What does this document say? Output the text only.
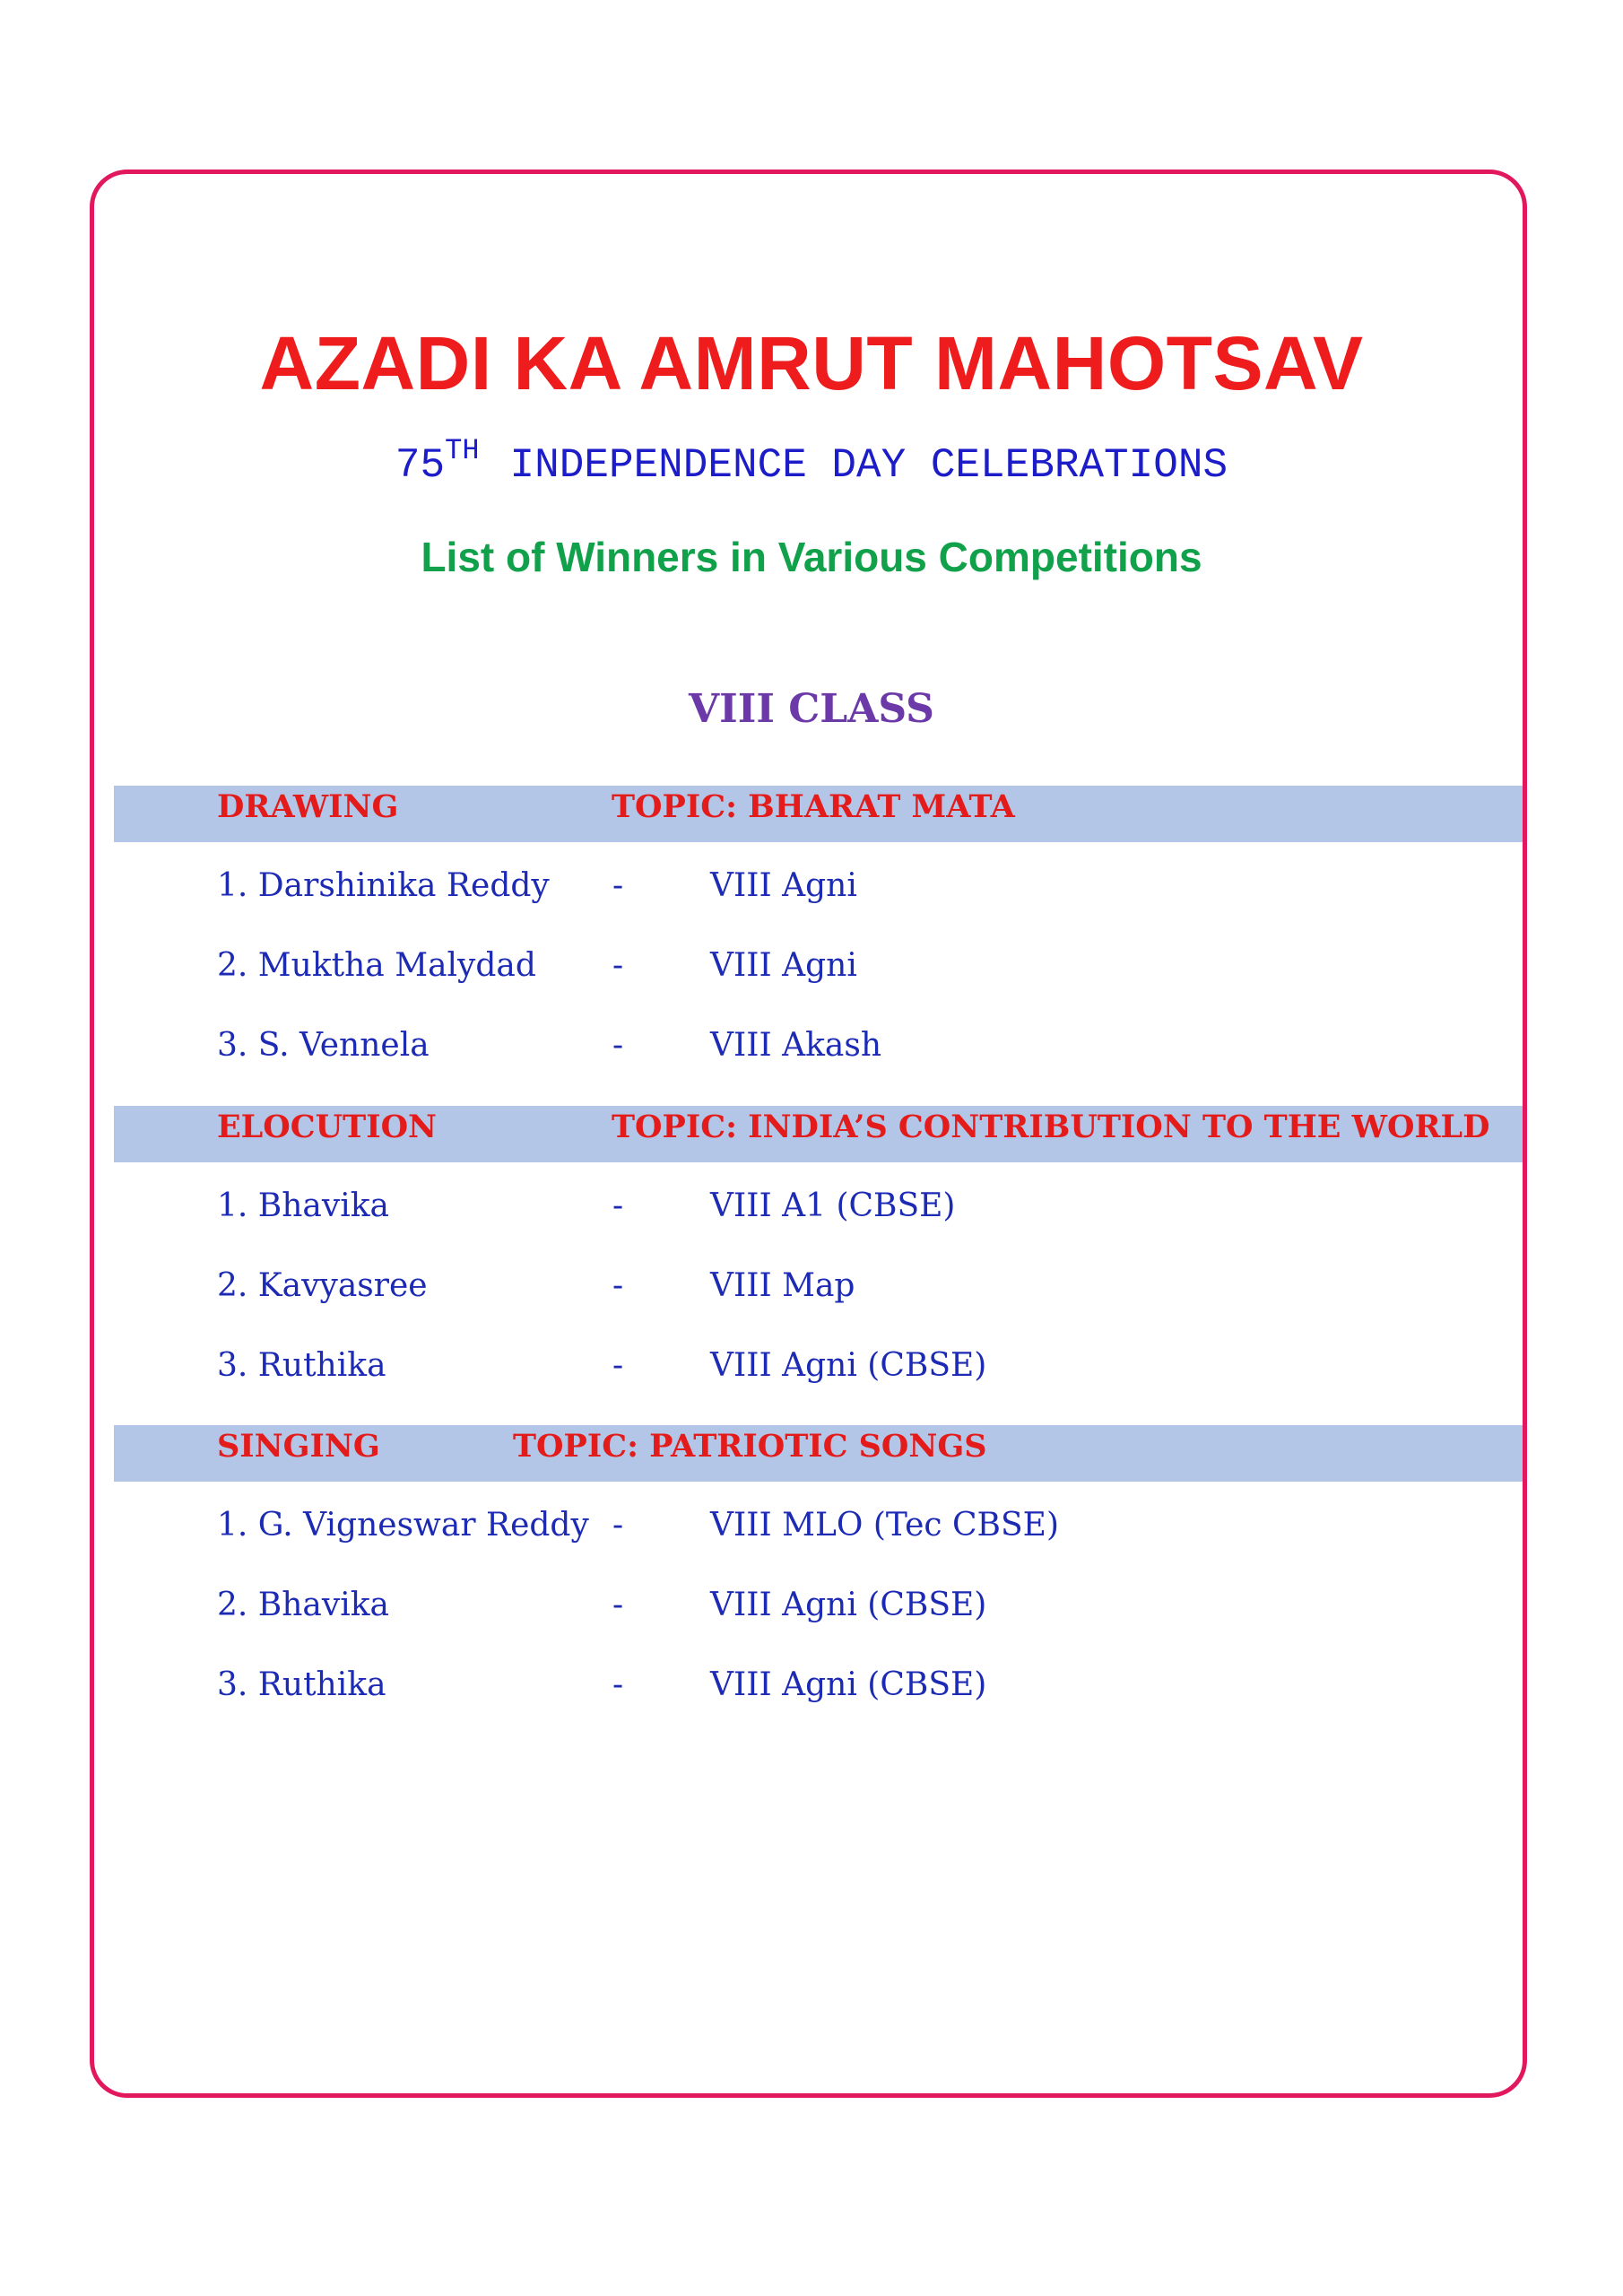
AZADI KA AMRUT MAHOTSAV
75TH INDEPENDENCE DAY CELEBRATIONS
List of Winners in Various Competitions
VIII CLASS
DRAWING	TOPIC: BHARAT MATA
1. Darshinika Reddy -	VIII Agni
2. Muktha Malydad -	VIII Agni
3. S. Vennela	-	VIII Akash
ELOCUTION	TOPIC: INDIA’S CONTRIBUTION TO THE WORLD
1. Bhavika	-	VIII A1 (CBSE)
2. Kavyasree	-	VIII Map
3. Ruthika	-	VIII Agni (CBSE)
SINGING	TOPIC: PATRIOTIC SONGS
1. G. Vigneswar Reddy -	VIII MLO (Tec CBSE)
2. Bhavika	-	VIII Agni (CBSE)
3. Ruthika	-	VIII Agni (CBSE)
